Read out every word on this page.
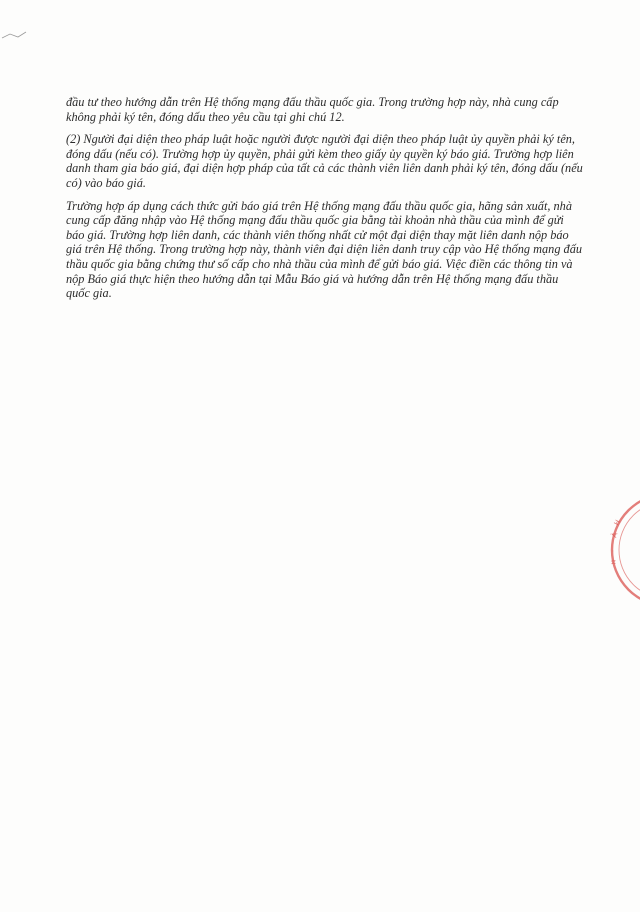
đầu tư theo hướng dẫn trên Hệ thống mạng đấu thầu quốc gia. Trong trường hợp này, nhà cung cấp không phải ký tên, đóng dấu theo yêu cầu tại ghi chú 12.

(2) Người đại diện theo pháp luật hoặc người được người đại diện theo pháp luật ủy quyền phải ký tên, đóng dấu (nếu có). Trường hợp ủy quyền, phải gửi kèm theo giấy ủy quyền ký báo giá. Trường hợp liên danh tham gia báo giá, đại diện hợp pháp của tất cả các thành viên liên danh phải ký tên, đóng dấu (nếu có) vào báo giá.

Trường hợp áp dụng cách thức gửi báo giá trên Hệ thống mạng đấu thầu quốc gia, hãng sản xuất, nhà cung cấp đăng nhập vào Hệ thống mạng đấu thầu quốc gia bằng tài khoản nhà thầu của mình để gửi báo giá. Trường hợp liên danh, các thành viên thống nhất cử một đại diện thay mặt liên danh nộp báo giá trên Hệ thống. Trong trường hợp này, thành viên đại diện liên danh truy cập vào Hệ thống mạng đấu thầu quốc gia bằng chứng thư số cấp cho nhà thầu của mình để gửi báo giá. Việc điền các thông tin và nộp Báo giá thực hiện theo hướng dẫn tại Mẫu Báo giá và hướng dẫn trên Hệ thống mạng đấu thầu quốc gia.

H
À
·
N
